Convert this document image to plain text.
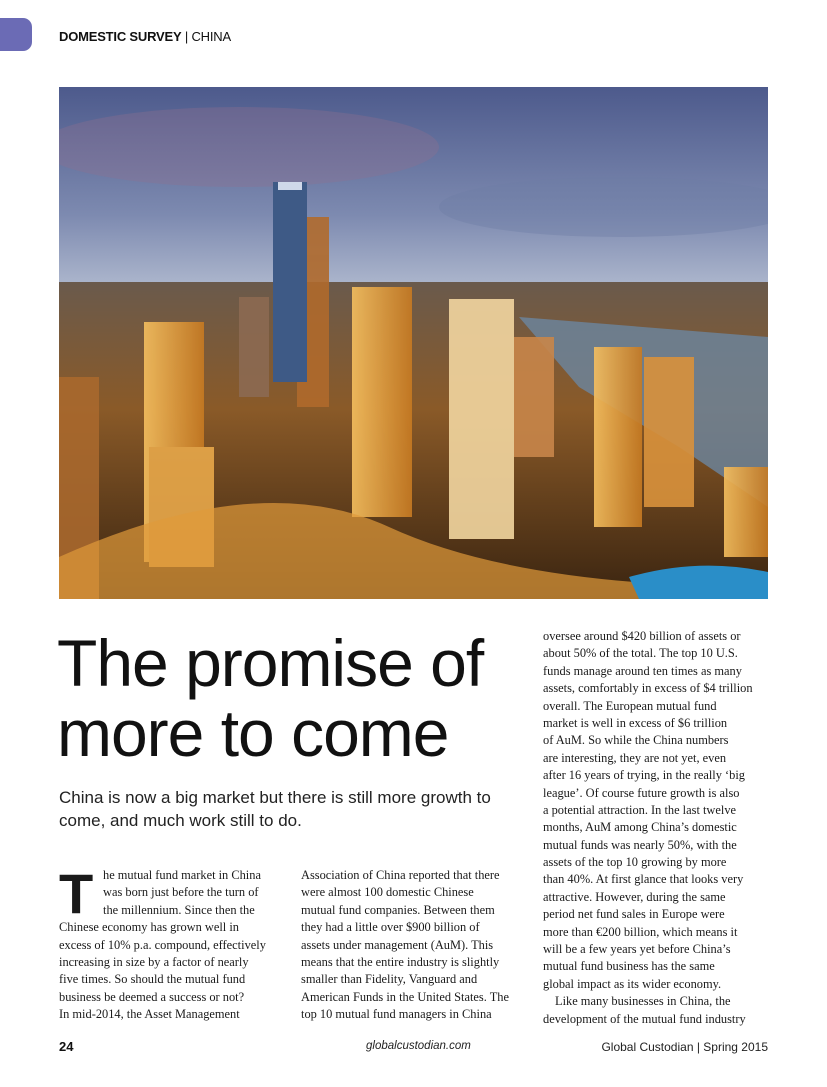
DOMESTIC SURVEY | CHINA
The promise of
more to come
China is now a big market but there is still more growth to come, and much work still to do.
T he mutual fund market in China
was born just before the turn of
the millennium. Since then the
Chinese economy has grown well in
excess of 10% p.a. compound, effectively
increasing in size by a factor of nearly
five times. So should the mutual fund
business be deemed a success or not?
In mid-2014, the Asset Management
Association of China reported that there
were almost 100 domestic Chinese
mutual fund companies. Between them
they had a little over $900 billion of
assets under management (AuM). This
means that the entire industry is slightly
smaller than Fidelity, Vanguard and
American Funds in the United States. The
top 10 mutual fund managers in China
oversee around $420 billion of assets or
about 50% of the total. The top 10 U.S.
funds manage around ten times as many
assets, comfortably in excess of $4 trillion
overall. The European mutual fund
market is well in excess of $6 trillion
of AuM. So while the China numbers
are interesting, they are not yet, even
after 16 years of trying, in the really ‘big
league’. Of course future growth is also
a potential attraction. In the last twelve
months, AuM among China’s domestic
mutual funds was nearly 50%, with the
assets of the top 10 growing by more
than 40%. At first glance that looks very
attractive. However, during the same
period net fund sales in Europe were
more than €200 billion, which means it
will be a few years yet before China’s
mutual fund business has the same
global impact as its wider economy.
Like many businesses in China, the
development of the mutual fund industry
24	globalcustodian.com	Global Custodian | Spring 2015
